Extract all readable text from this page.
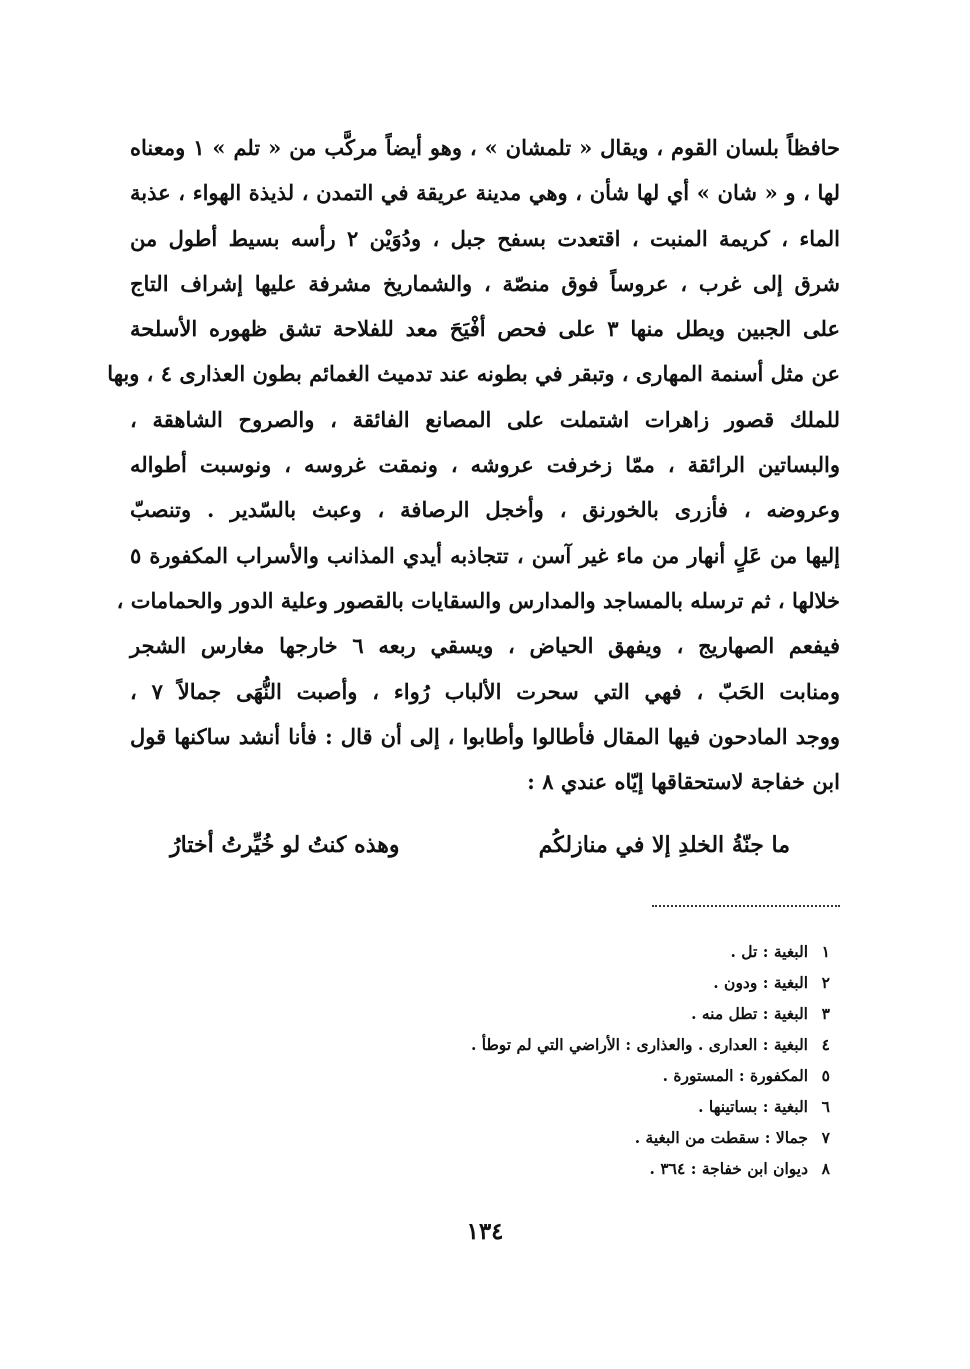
حافظاً بلسان القوم ، ويقال « تلمشان » ، وهو أيضاً مركَّب من « تلم » ١ ومعناه
لها ، و « شان » أي لها شأن ، وهي مدينة عريقة في التمدن ، لذيذة الهواء ، عذبة
الماء ، كريمة المنبت ، اقتعدت بسفح جبل ، ودُوَيْن ٢ رأسه بسيط أطول من
شرق إلى غرب ، عروساً فوق منصّة ، والشماريخ مشرفة عليها إشراف التاج
على الجبين ويطل منها ٣ على فحص أفْيَحَ معد للفلاحة تشق ظهوره الأسلحة
عن مثل أسنمة المهارى ، وتبقر في بطونه عند تدميث الغمائم بطون العذارى ٤ ، وبها
للملك قصور زاهرات اشتملت على المصانع الفائقة ، والصروح الشاهقة ،
والبساتين الرائقة ، ممّا زخرفت عروشه ، ونمقت غروسه ، ونوسبت أطواله
وعروضه ، فأزرى بالخورنق ، وأخجل الرصافة ، وعبث بالسّدير . وتنصبّ
إليها من عَلٍ أنهار من ماء غير آسن ، تتجاذبه أيدي المذانب والأسراب المكفورة ٥
خلالها ، ثم ترسله بالمساجد والمدارس والسقايات بالقصور وعلية الدور والحمامات ،
فيفعم الصهاريج ، ويفهق الحياض ، ويسقي ربعه ٦ خارجها مغارس الشجر
ومنابت الحَبّ ، فهي التي سحرت الألباب رُواء ، وأصبت النُّهَى جمالاً ٧ ،
ووجد المادحون فيها المقال فأطالوا وأطابوا ، إلى أن قال : فأنا أنشد ساكنها قول
ابن خفاجة لاستحقاقها إيّاه عندي ٨ :
ما جنّةُ الخلدِ إلا في منازلكُم
وهذه كنتُ لو خُيِّرتُ أختارُ
١البغية : تل .
٢البغية : ودون .
٣البغية : تطل منه .
٤البغية : العدارى . والعذارى : الأراضي التي لم توطأ .
٥المكفورة : المستورة .
٦البغية : بساتينها .
٧جمالا : سقطت من البغية .
٨ديوان ابن خفاجة : ٣٦٤ .
١٣٤
